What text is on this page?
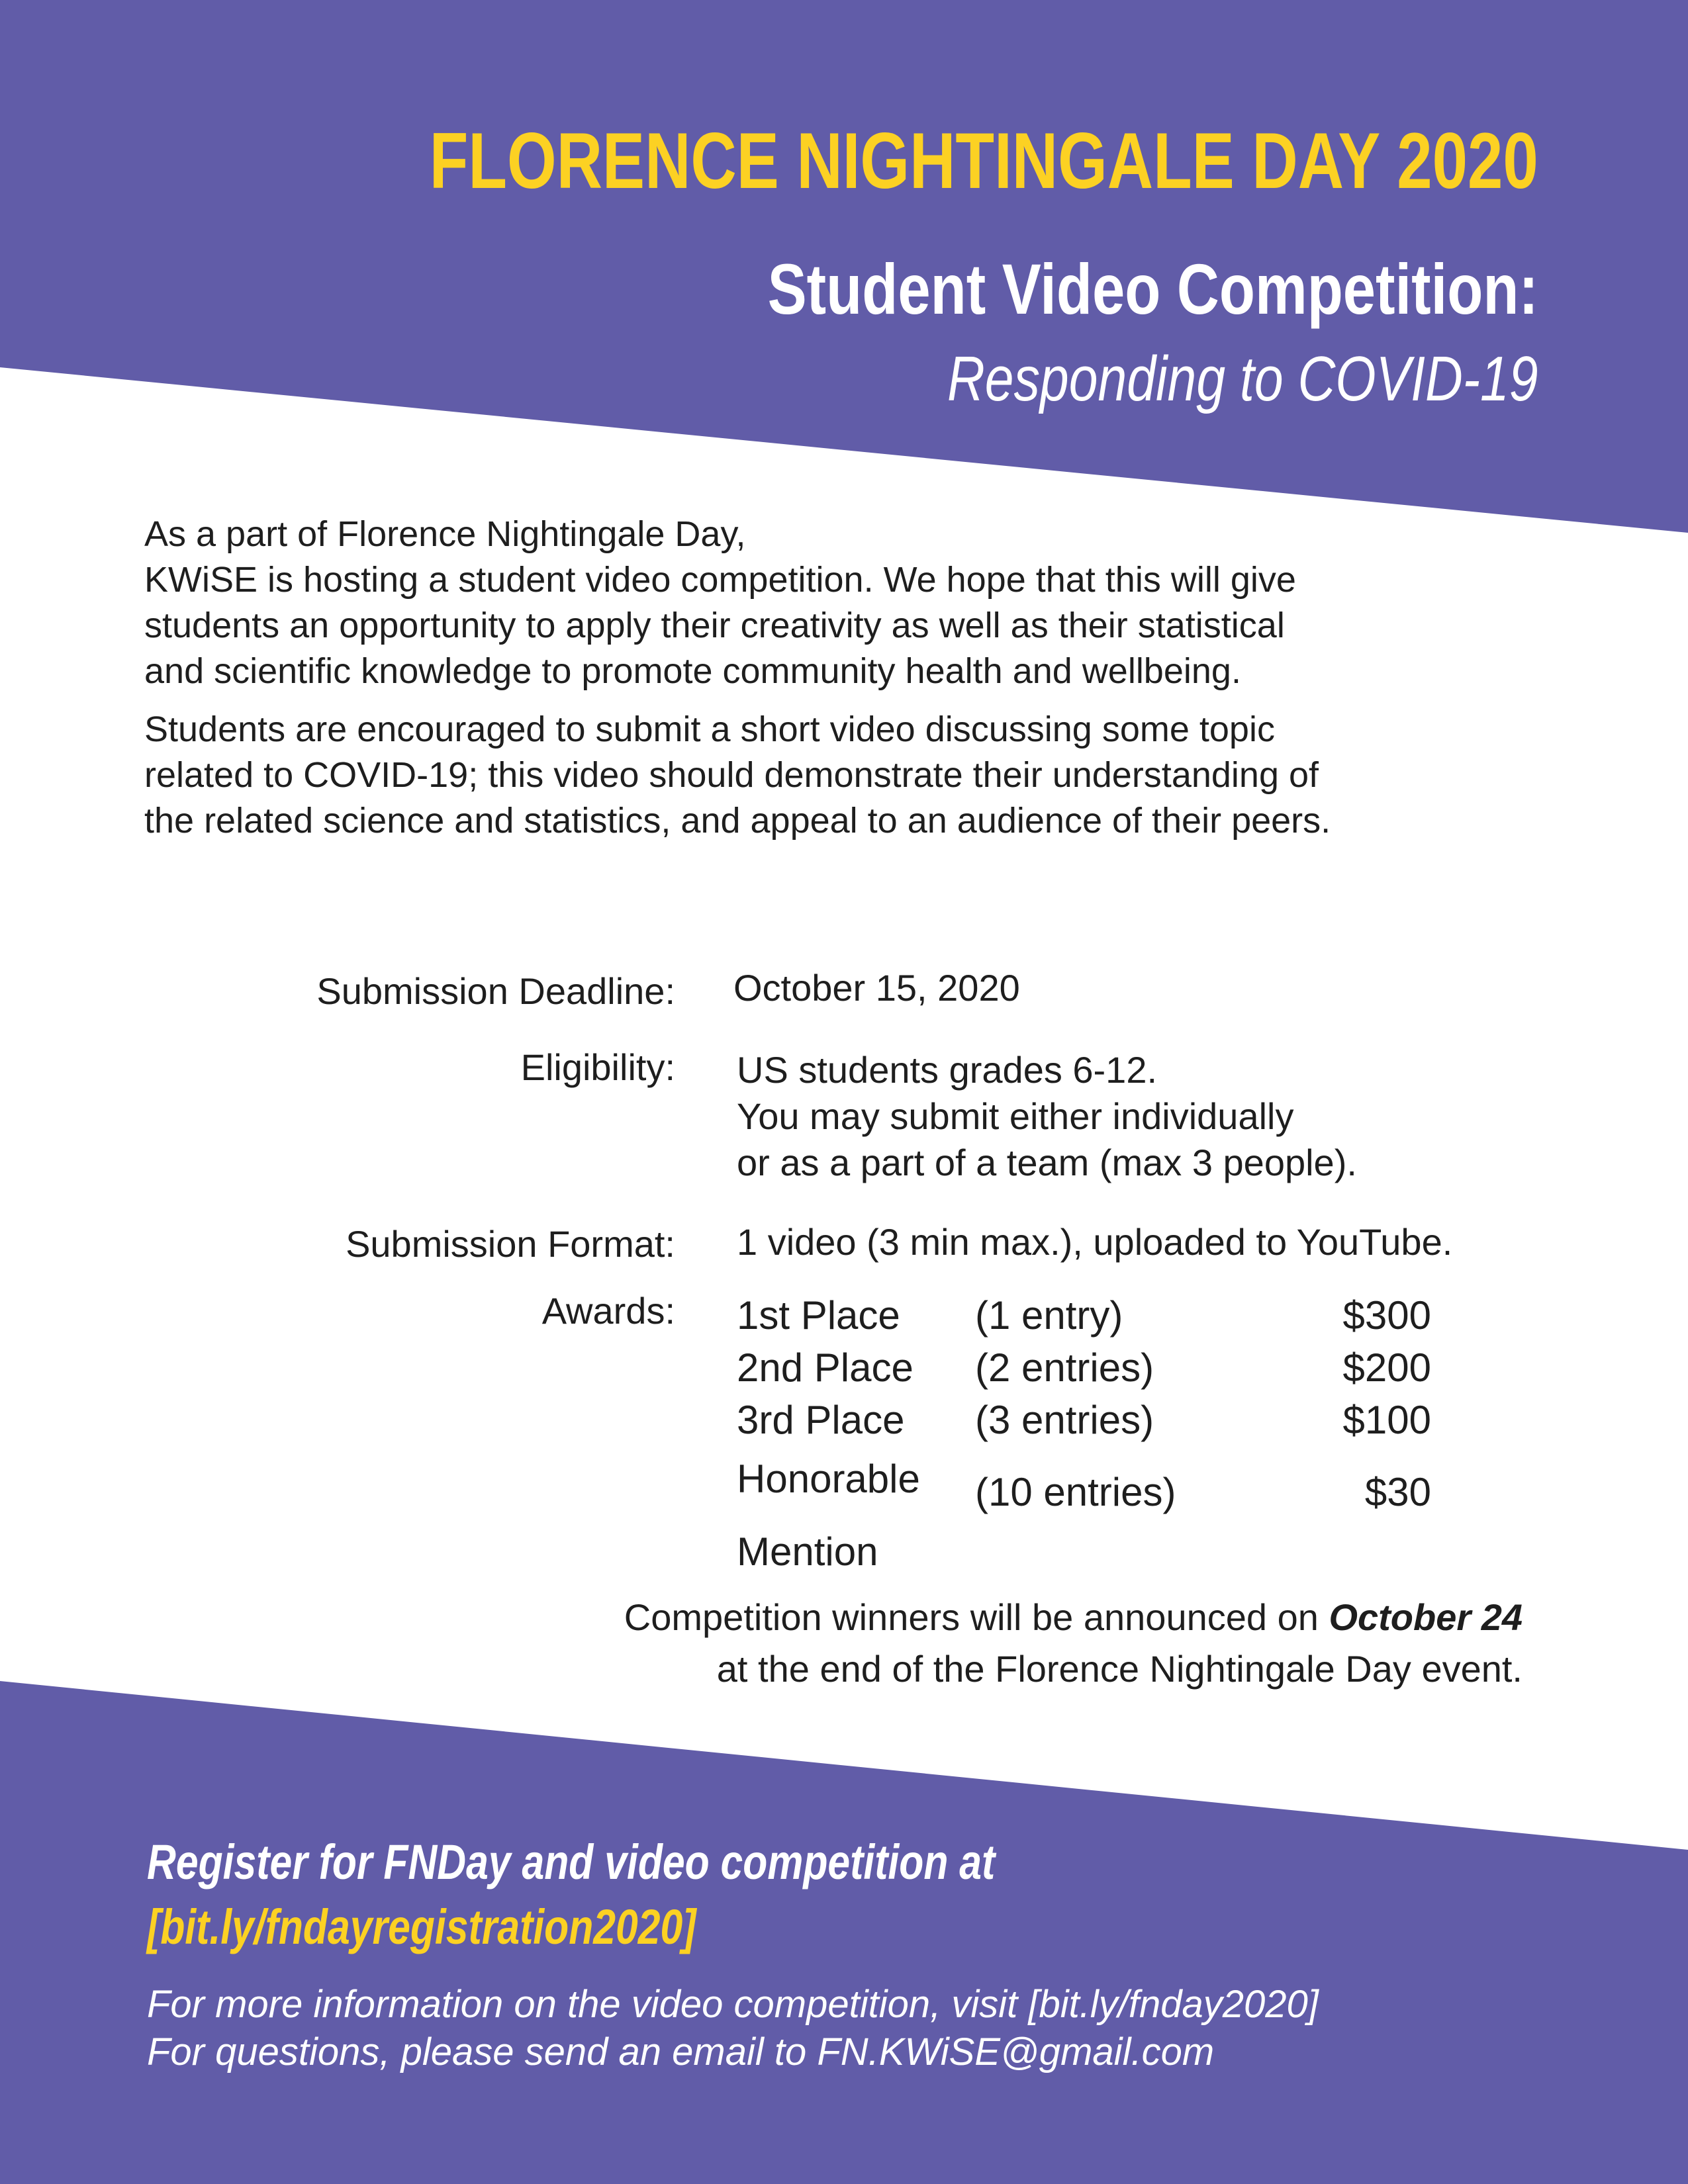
FLORENCE NIGHTINGALE DAY 2020
Student Video Competition:
Responding to COVID-19

As a part of Florence Nightingale Day,
KWiSE is hosting a student video competition. We hope that this will give
students an opportunity to apply their creativity as well as their statistical
and scientific knowledge to promote community health and wellbeing.

Students are encouraged to submit a short video discussing some topic
related to COVID-19; this video should demonstrate their understanding of
the related science and statistics, and appeal to an audience of their peers.

Submission Deadline: October 15, 2020
Eligibility: US students grades 6-12.
You may submit either individually
or as a part of a team (max 3 people).
Submission Format: 1 video (3 min max.), uploaded to YouTube.
Awards: 1st Place (1 entry)	$300
2nd Place (2 entries)	$200
3rd Place (3 entries)	$100
Honorable
Mention
(10 entries)	$30
Competition winners will be announced on October 24
at the end of the Florence Nightingale Day event.
Register for FNDay and video competition at
[bit.ly/fndayregistration2020]
For more information on the video competition, visit [bit.ly/fnday2020]
For questions, please send an email to FN.KWiSE@gmail.com
